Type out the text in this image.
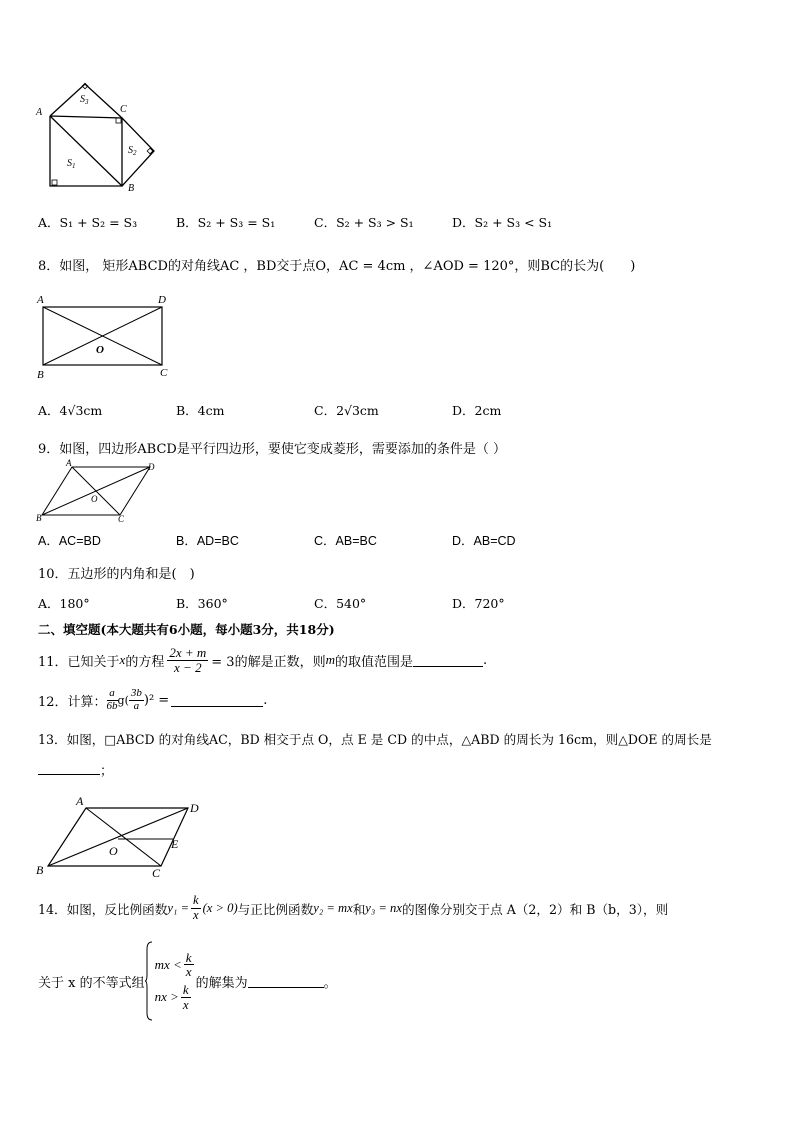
A	C
B
$S_1$
$S_3$
$S_2$
A．S₁ + S₂ = S₃	B．S₂ + S₃ = S₁	C．S₂ + S₃ > S₁	D．S₂ + S₃ < S₁
8．如图， 矩形ABCD的对角线AC ，BD交于点O，AC = 4cm ，∠AOD = 120°，则BC的长为(　　)
A	D
B	C
O
A．4√3cm	B．4cm	C．2√3cm	D．2cm
9．如图，四边形ABCD是平行四边形，要使它变成菱形，需要添加的条件是（ ）
A	D
B	C
O
A．AC=BD	B．AD=BC	C．AB=BC	D．AB=CD
10．五边形的内角和是(　)
A．180°	B．360°	C．540°	D．720°
二、填空题(本大题共有6小题，每小题3分，共18分)
11．已知关于 x 的方程 $\frac{2x + m}{x - 2} = 3$的解是正数，则 m 的取值范围是	.
12．计算： $\frac{a}{6b} g( \frac{3b}{a} )^2$ =	.
13．如图，□ABCD 的对角线AC，BD 相交于点 O，点 E 是 CD 的中点，△ABD 的周长为 16cm，则△DOE 的周长是
；
A	D
B	C
O	E
14．如图，反比例函数 $y_1 = \frac{k}{x} (x > 0)$ 与正比例函数 y₂ = mx 和 y₃ = nx 的图像分别交于点 A（2，2）和 B（b，3），则
关于 x 的不等式组
mx < $\frac{k}{x}$
nx > $\frac{k}{x}$ 的解集为	。
